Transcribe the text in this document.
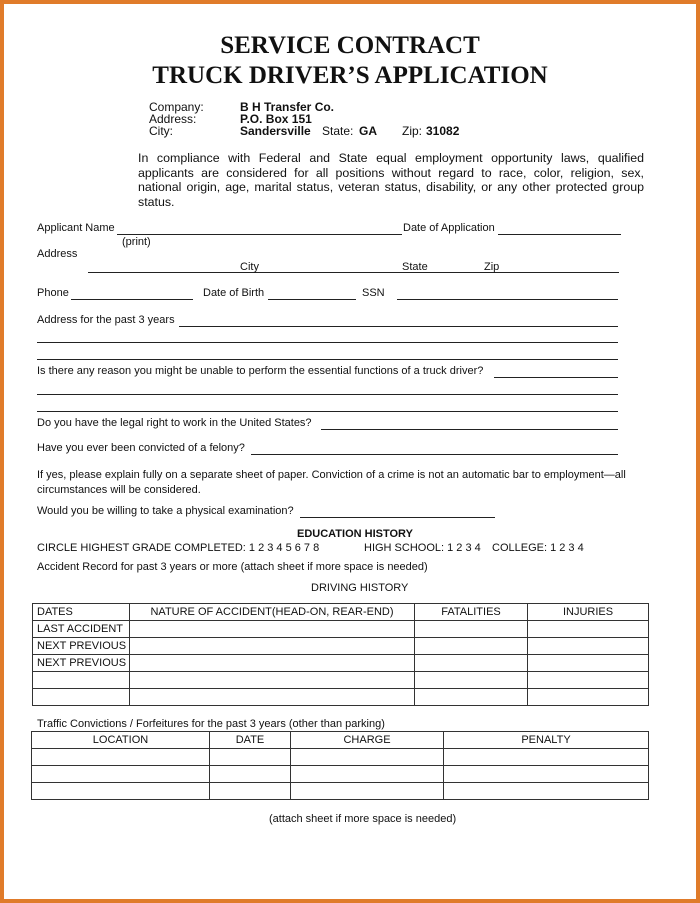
SERVICE CONTRACT
TRUCK DRIVER’S APPLICATION
Company:	B H Transfer Co.
Address:	P.O. Box 151
City:	Sandersville State: GA Zip: 31082
In compliance with Federal and State equal employment opportunity laws, qualified applicants are considered for all positions without regard to race, color, religion, sex, national origin, age, marital status, veteran status, disability, or any other protected group status.
Applicant Name	Date of Application
(print)
Address
City	State	Zip
Phone	Date of Birth	SSN
Address for the past 3 years
Is there any reason you might be unable to perform the essential functions of a truck driver?
Do you have the legal right to work in the United States?
Have you ever been convicted of a felony?
If yes, please explain fully on a separate sheet of paper. Conviction of a crime is not an automatic bar to employment—all circumstances will be considered.
Would you be willing to take a physical examination?
EDUCATION HISTORY
CIRCLE HIGHEST GRADE COMPLETED: 1 2 3 4 5 6 7 8	HIGH SCHOOL: 1 2 3 4 COLLEGE: 1 2 3 4
Accident Record for past 3 years or more (attach sheet if more space is needed)
DRIVING HISTORY
DATES	NATURE OF ACCIDENT(HEAD-ON, REAR-END)	FATALITIES	INJURIES
LAST ACCIDENT			
NEXT PREVIOUS			
NEXT PREVIOUS			

Traffic Convictions / Forfeitures for the past 3 years (other than parking)
LOCATION	DATE	CHARGE	PENALTY

(attach sheet if more space is needed)
